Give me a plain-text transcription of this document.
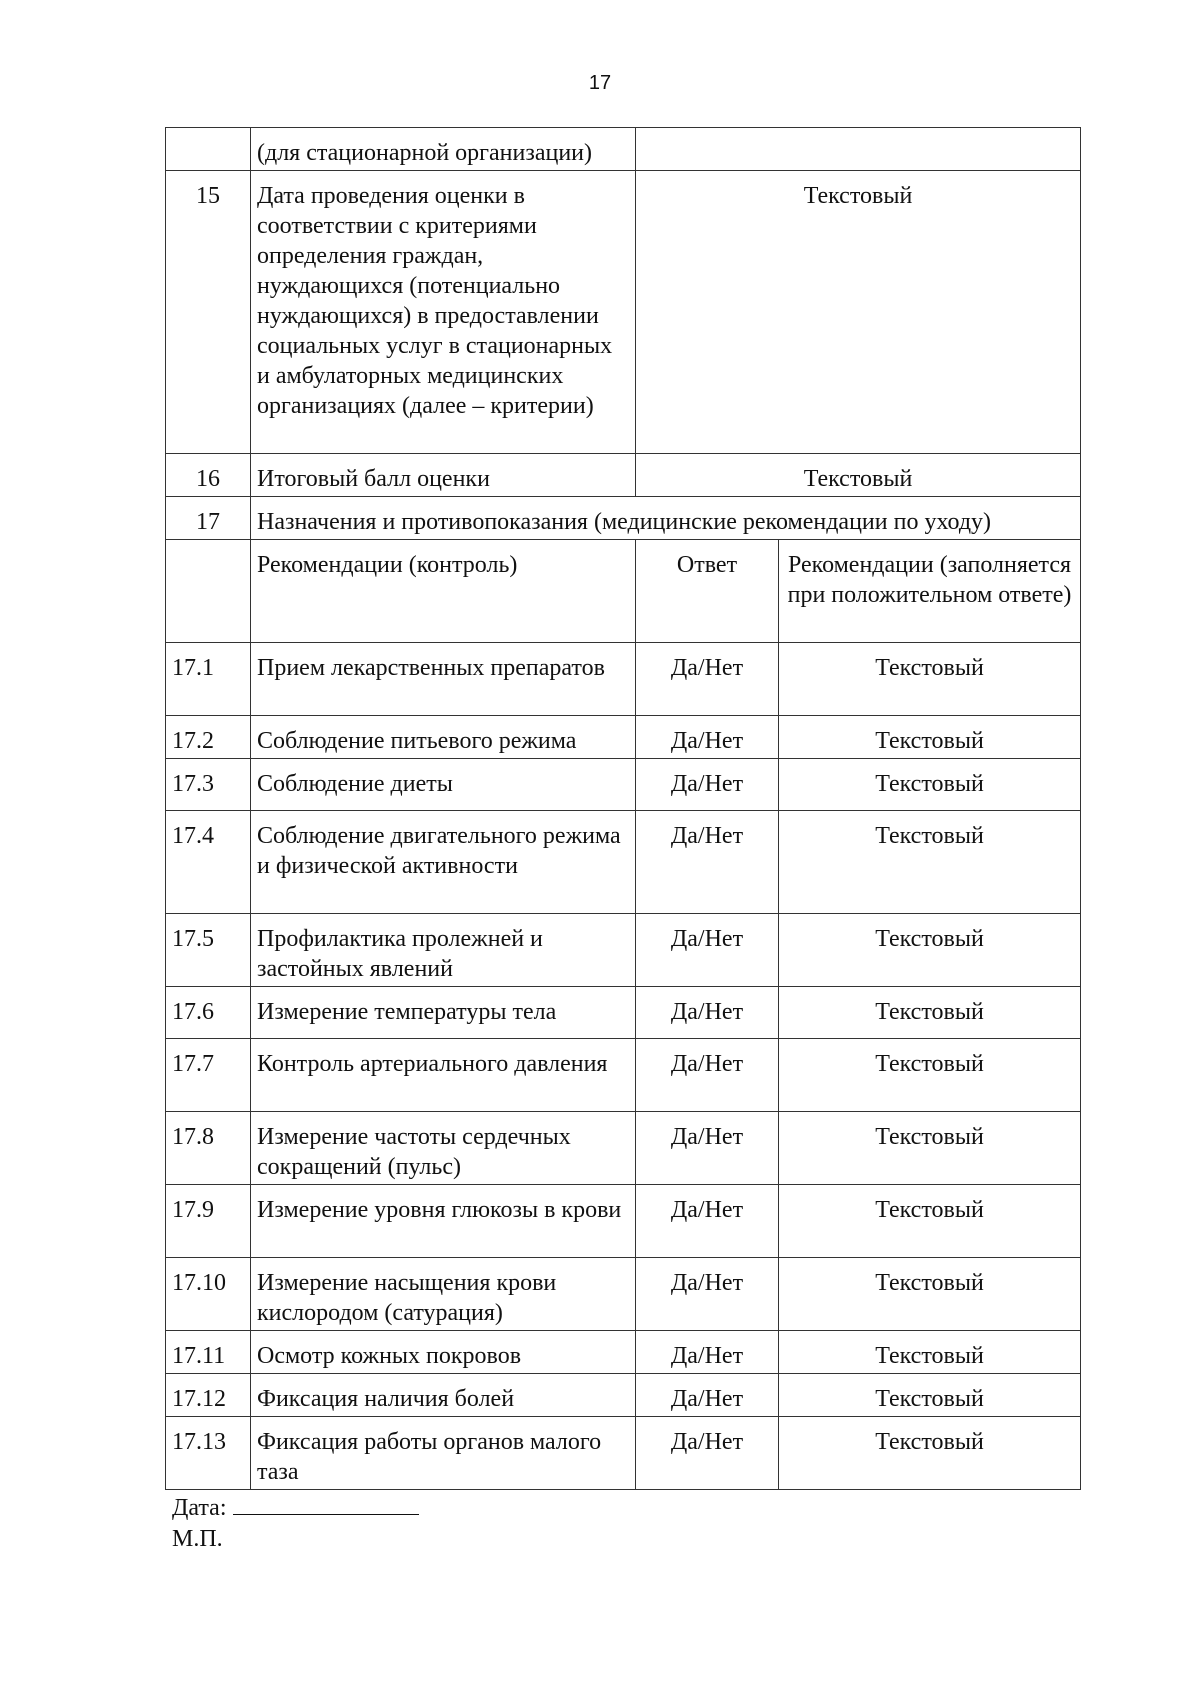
17
	(для стационарной организации)		
15	Дата проведения оценки в соответствии с критериями определения граждан, нуждающихся (потенциально нуждающихся) в предоставлении социальных услуг в стационарных и амбулаторных медицинских организациях (далее – критерии)	Текстовый	
16	Итоговый балл оценки	Текстовый	
17	Назначения и противопоказания (медицинские рекомендации по уходу)		
	Рекомендации (контроль)	Ответ	Рекомендации (заполняется при положительном ответе)
17.1	Прием лекарственных препаратов	Да/Нет	Текстовый
17.2	Соблюдение питьевого режима	Да/Нет	Текстовый
17.3	Соблюдение диеты	Да/Нет	Текстовый
17.4	Соблюдение двигательного режима и физической активности	Да/Нет	Текстовый
17.5	Профилактика пролежней и застойных явлений	Да/Нет	Текстовый
17.6	Измерение температуры тела	Да/Нет	Текстовый
17.7	Контроль артериального давления	Да/Нет	Текстовый
17.8	Измерение частоты сердечных сокращений (пульс)	Да/Нет	Текстовый
17.9	Измерение уровня глюкозы в крови	Да/Нет	Текстовый
17.10	Измерение насыщения крови кислородом (сатурация)	Да/Нет	Текстовый
17.11	Осмотр кожных покровов	Да/Нет	Текстовый
17.12	Фиксация наличия болей	Да/Нет	Текстовый
17.13	Фиксация работы органов малого таза	Да/Нет	Текстовый
Дата:
М.П.
